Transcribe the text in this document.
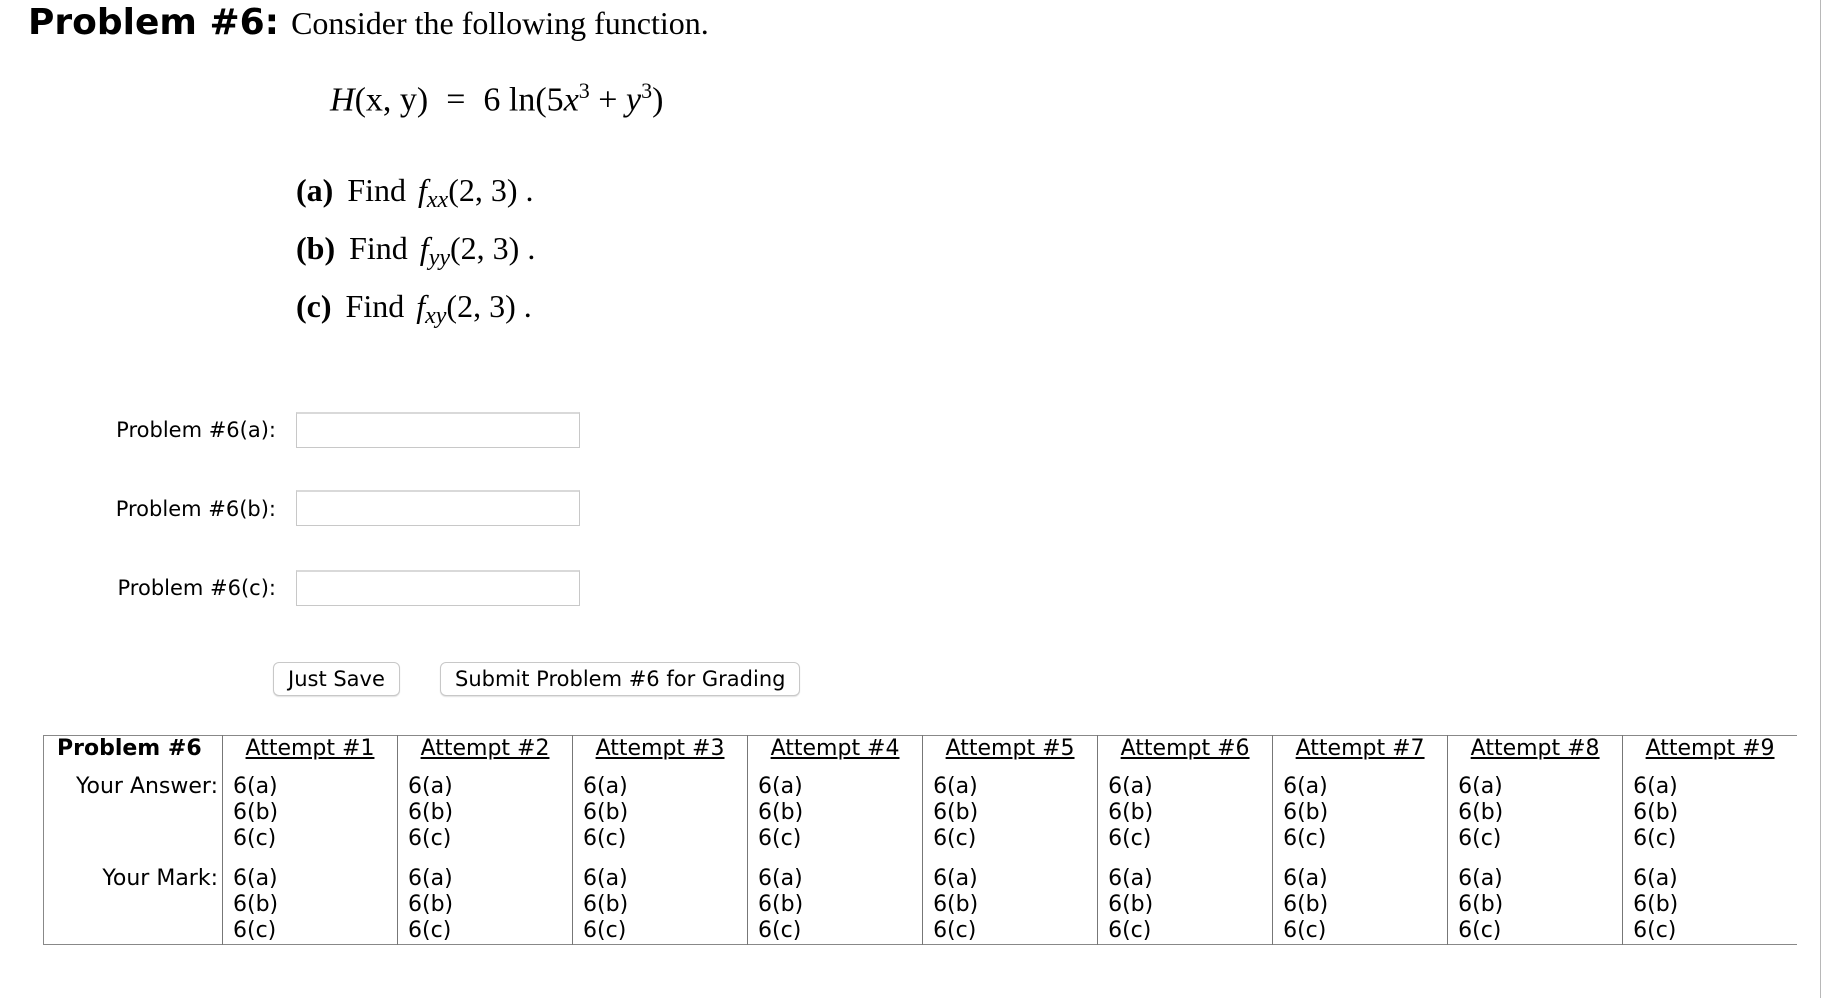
Problem #6: Consider the following function.
H(x, y) = 6 $\ln(5x^3 + y^3)$
(a) Find $f_{xx}(2$, 3) .
(b) Find $f_{yy}(2$, 3) .
(c) Find $f_{xy}(2$, 3) .
Problem #6(a):
Problem #6(b):
Problem #6(c):
Just Save	Submit Problem #6 for Grading
Problem #6	Attempt #1	Attempt #2	Attempt #3	Attempt #4	Attempt #5	Attempt #6	Attempt #7	Attempt #8	Attempt #9
Your Answer:	6(a)
6(b)
6(c)	6(a)
6(b)
6(c)	6(a)
6(b)
6(c)	6(a)
6(b)
6(c)	6(a)
6(b)
6(c)	6(a)
6(b)
6(c)	6(a)
6(b)
6(c)	6(a)
6(b)
6(c)	6(a)
6(b)
6(c)

Your Mark:	6(a)
6(b)
6(c)	6(a)
6(b)
6(c)	6(a)
6(b)
6(c)	6(a)
6(b)
6(c)	6(a)
6(b)
6(c)	6(a)
6(b)
6(c)	6(a)
6(b)
6(c)	6(a)
6(b)
6(c)	6(a)
6(b)
6(c)
